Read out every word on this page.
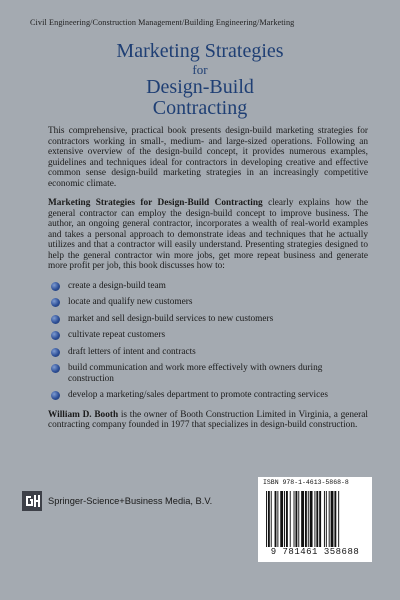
Civil Engineering/Construction Management/Building Engineering/Marketing
Marketing Strategies
for
Design-Build
Contracting

This comprehensive, practical book presents design-build marketing strategies for contractors working in small-, medium- and large-sized operations. Following an extensive overview of the design-build concept, it provides numerous examples, guidelines and techniques ideal for contractors in developing creative and effective common sense design-build marketing strategies in an increasingly competitive economic climate.

Marketing Strategies for Design-Build Contracting clearly explains how the general contractor can employ the design-build concept to improve business. The author, an ongoing general contractor, incorporates a wealth of real-world examples and takes a personal approach to demonstrate ideas and techniques that he actually utilizes and that a contractor will easily understand. Presenting strategies designed to help the general contractor win more jobs, get more repeat business and generate more profit per job, this book discusses how to:

create a design-build team
locate and qualify new customers
market and sell design-build services to new customers
cultivate repeat customers
draft letters of intent and contracts
build communication and work more effectively with owners during construction
develop a marketing/sales department to promote contracting services

William D. Booth is the owner of Booth Construction Limited in Virginia, a general contracting company founded in 1977 that specializes in design-build construction.

Springer-Science+Business Media, B.V.
ISBN 978-1-4613-5868-8
9 781461 358688
